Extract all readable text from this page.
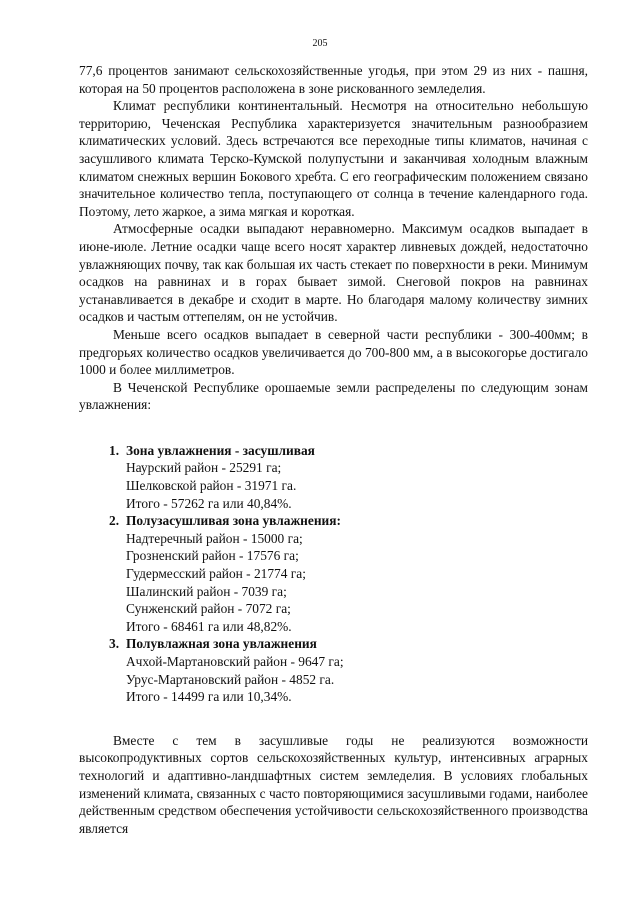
205

77,6 процентов занимают сельскохозяйственные угодья, при этом 29 из них - пашня, которая на 50 процентов расположена в зоне рискованного земледелия.

Климат республики континентальный. Несмотря на относительно небольшую территорию, Чеченская Республика характеризуется значительным разнообразием климатических условий. Здесь встречаются все переходные типы климатов, начиная с засушливого климата Терско-Кумской полупустыни и заканчивая холодным влажным климатом снежных вершин Бокового хребта. С его географическим положением связано значительное количество тепла, поступающего от солнца в течение календарного года. Поэтому, лето жаркое, а зима мягкая и короткая.

Атмосферные осадки выпадают неравномерно. Максимум осадков выпадает в июне-июле. Летние осадки чаще всего носят характер ливневых дождей, недостаточно увлажняющих почву, так как большая их часть стекает по поверхности в реки. Минимум осадков на равнинах и в горах бывает зимой. Снеговой покров на равнинах устанавливается в декабре и сходит в марте. Но благодаря малому количеству зимних осадков и частым оттепелям, он не устойчив.

Меньше всего осадков выпадает в северной части республики - 300-400мм; в предгорьях количество осадков увеличивается до 700-800 мм, а в высокогорье достигало 1000 и более миллиметров.

В Чеченской Республике орошаемые земли распределены по следующим зонам увлажнения:

1. Зона увлажнения - засушливая
Наурский район - 25291 га;
Шелковской район - 31971 га.
Итого - 57262 га или 40,84%.
2. Полузасушливая зона увлажнения:
Надтеречный район - 15000 га;
Грозненский район - 17576 га;
Гудермесский район - 21774 га;
Шалинский район - 7039 га;
Сунженский район - 7072 га;
Итого - 68461 га или 48,82%.
3. Полувлажная зона увлажнения
Ачхой-Мартановский район - 9647 га;
Урус-Мартановский район - 4852 га.
Итого - 14499 га или 10,34%.

Вместе с тем в засушливые годы не реализуются возможности высокопродуктивных сортов сельскохозяйственных культур, интенсивных аграрных технологий и адаптивно-ландшафтных систем земледелия. В условиях глобальных изменений климата, связанных с часто повторяющимися засушливыми годами, наиболее действенным средством обеспечения устойчивости сельскохозяйственного производства является
